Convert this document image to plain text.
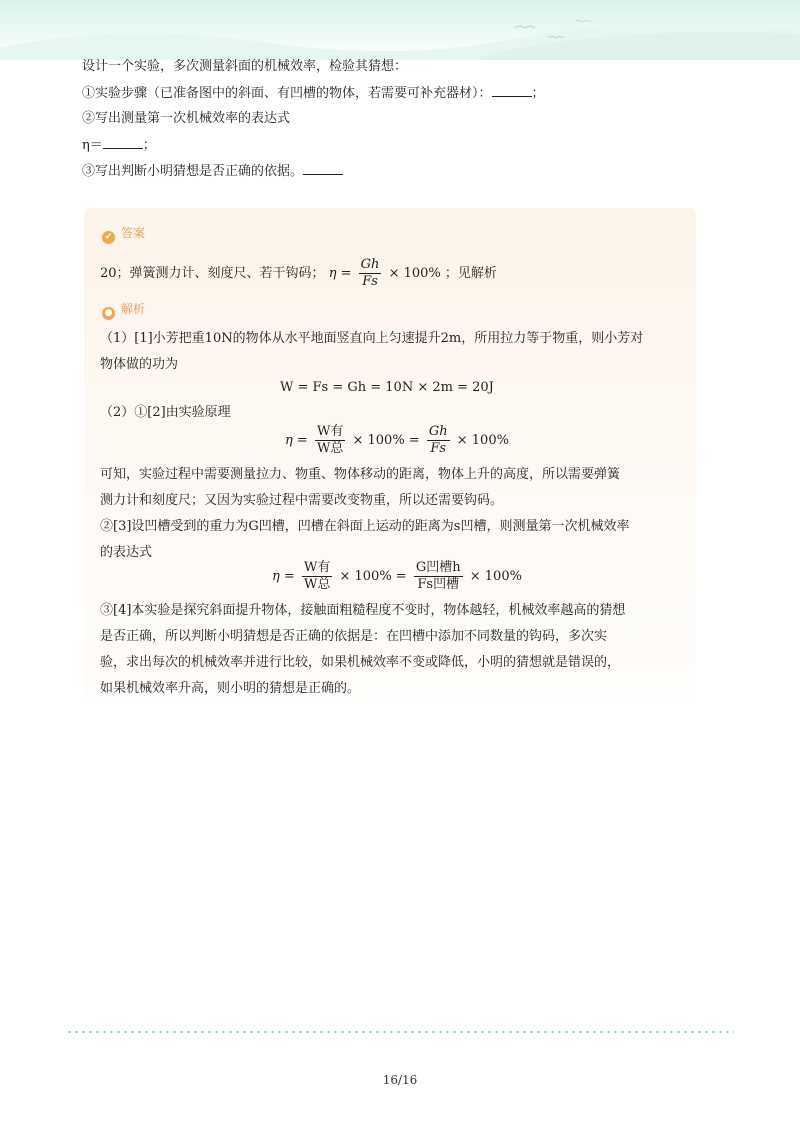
设计一个实验，多次测量斜面的机械效率，检验其猜想：
①实验步骤（已准备图中的斜面、有凹槽的物体，若需要可补充器材）：	；
②写出测量第一次机械效率的表达式
η＝	；
③写出判断小明猜想是否正确的依据。
✔ 答案
20；弹簧测力计、刻度尺、若干钩码； $\eta = \frac{Gh}{Fs} \times 100\%$ ；见解析
● 解析
（1）[1]小芳把重10N的物体从水平地面竖直向上匀速提升2m，所用拉力等于物重，则小芳对
物体做的功为
W = Fs = Gh = 10N × 2m = 20J
（2）①[2]由实验原理
$\eta = \frac{\text{W有}}{\text{W总}} \times 100\% = \frac{Gh}{Fs} \times 100\%$
可知，实验过程中需要测量拉力、物重、物体移动的距离，物体上升的高度，所以需要弹簧
测力计和刻度尺；又因为实验过程中需要改变物重，所以还需要钩码。
②[3]设凹槽受到的重力为G凹槽，凹槽在斜面上运动的距离为s凹槽，则测量第一次机械效率
的表达式
$\eta = \frac{\text{W有}}{\text{W总}} \times 100\% = \frac{\text{G凹槽h}}{\text{Fs凹槽}} \times 100\%$
③[4]本实验是探究斜面提升物体，接触面粗糙程度不变时，物体越轻，机械效率越高的猜想
是否正确，所以判断小明猜想是否正确的依据是：在凹槽中添加不同数量的钩码，多次实
验，求出每次的机械效率并进行比较，如果机械效率不变或降低，小明的猜想就是错误的，
如果机械效率升高，则小明的猜想是正确的。
16/16
